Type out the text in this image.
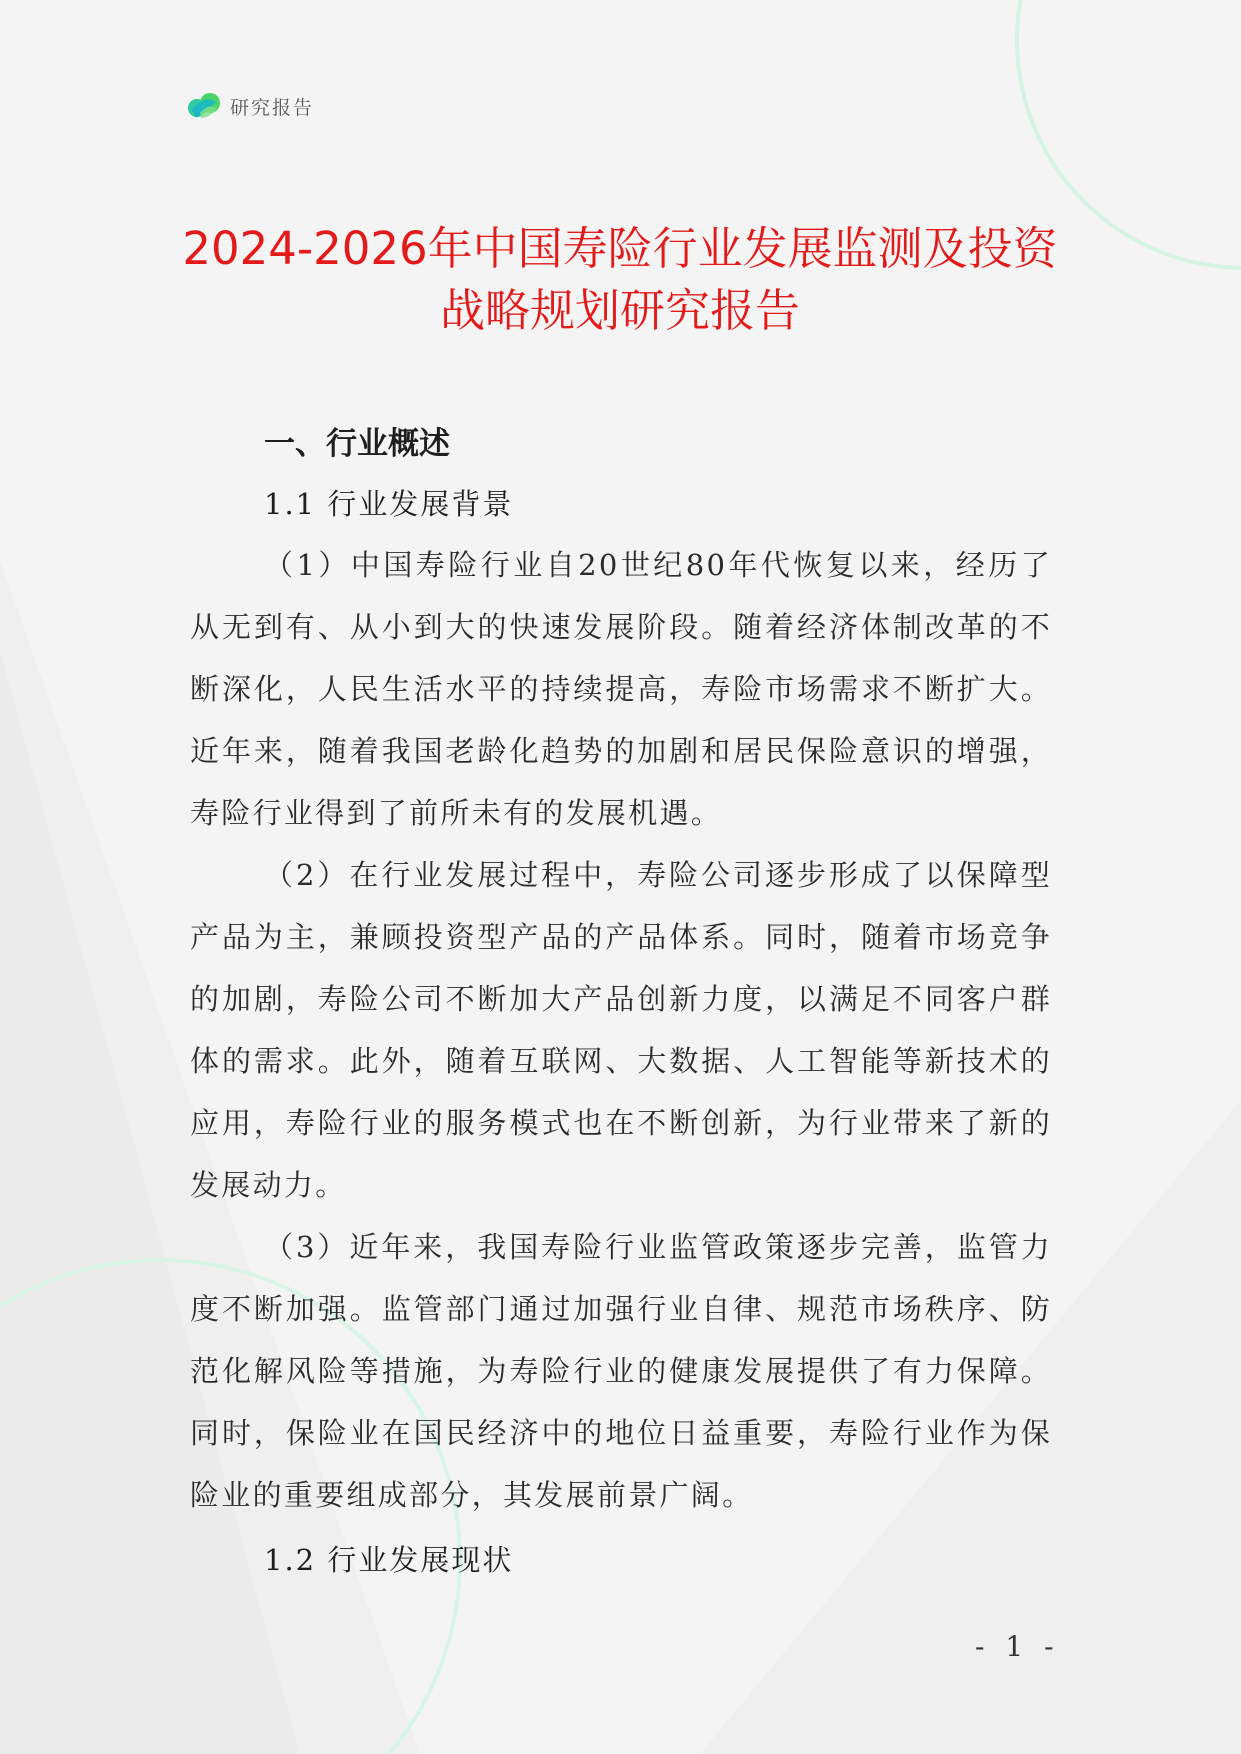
研究报告
2024-2026年中国寿险行业发展监测及投资
战略规划研究报告
一、行业概述
1.1 行业发展背景
（1）中国寿险行业自20世纪80年代恢复以来，经历了从无到有、从小到大的快速发展阶段。随着经济体制改革的不断深化，人民生活水平的持续提高，寿险市场需求不断扩大。近年来，随着我国老龄化趋势的加剧和居民保险意识的增强，寿险行业得到了前所未有的发展机遇。
（2）在行业发展过程中，寿险公司逐步形成了以保障型产品为主，兼顾投资型产品的产品体系。同时，随着市场竞争的加剧，寿险公司不断加大产品创新力度，以满足不同客户群体的需求。此外，随着互联网、大数据、人工智能等新技术的应用，寿险行业的服务模式也在不断创新，为行业带来了新的发展动力。
（3）近年来，我国寿险行业监管政策逐步完善，监管力度不断加强。监管部门通过加强行业自律、规范市场秩序、防范化解风险等措施，为寿险行业的健康发展提供了有力保障。同时，保险业在国民经济中的地位日益重要，寿险行业作为保险业的重要组成部分，其发展前景广阔。
1.2 行业发展现状
- 1 -
